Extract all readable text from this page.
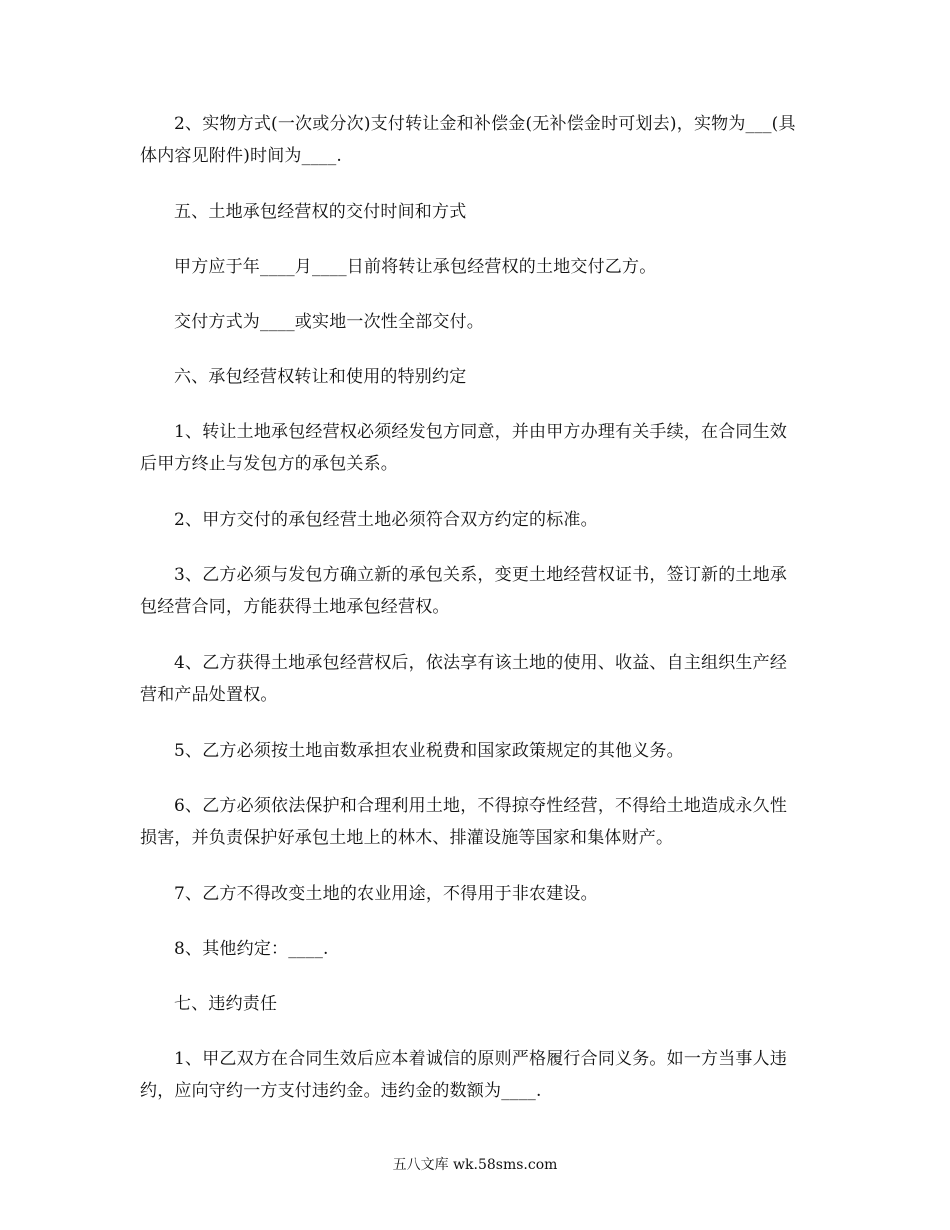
2、实物方式(一次或分次)支付转让金和补偿金(无补偿金时可划去)，实物为___(具体内容见附件)时间为____.

五、土地承包经营权的交付时间和方式

甲方应于年____月____日前将转让承包经营权的土地交付乙方。

交付方式为____或实地一次性全部交付。

六、承包经营权转让和使用的特别约定

1、转让土地承包经营权必须经发包方同意，并由甲方办理有关手续，在合同生效后甲方终止与发包方的承包关系。

2、甲方交付的承包经营土地必须符合双方约定的标准。

3、乙方必须与发包方确立新的承包关系，变更土地经营权证书，签订新的土地承包经营合同，方能获得土地承包经营权。

4、乙方获得土地承包经营权后，依法享有该土地的使用、收益、自主组织生产经营和产品处置权。

5、乙方必须按土地亩数承担农业税费和国家政策规定的其他义务。

6、乙方必须依法保护和合理利用土地，不得掠夺性经营，不得给土地造成永久性损害，并负责保护好承包土地上的林木、排灌设施等国家和集体财产。

7、乙方不得改变土地的农业用途，不得用于非农建设。

8、其他约定：____.

七、违约责任

1、甲乙双方在合同生效后应本着诚信的原则严格履行合同义务。如一方当事人违约，应向守约一方支付违约金。违约金的数额为____.

五八文库 wk.58sms.com
